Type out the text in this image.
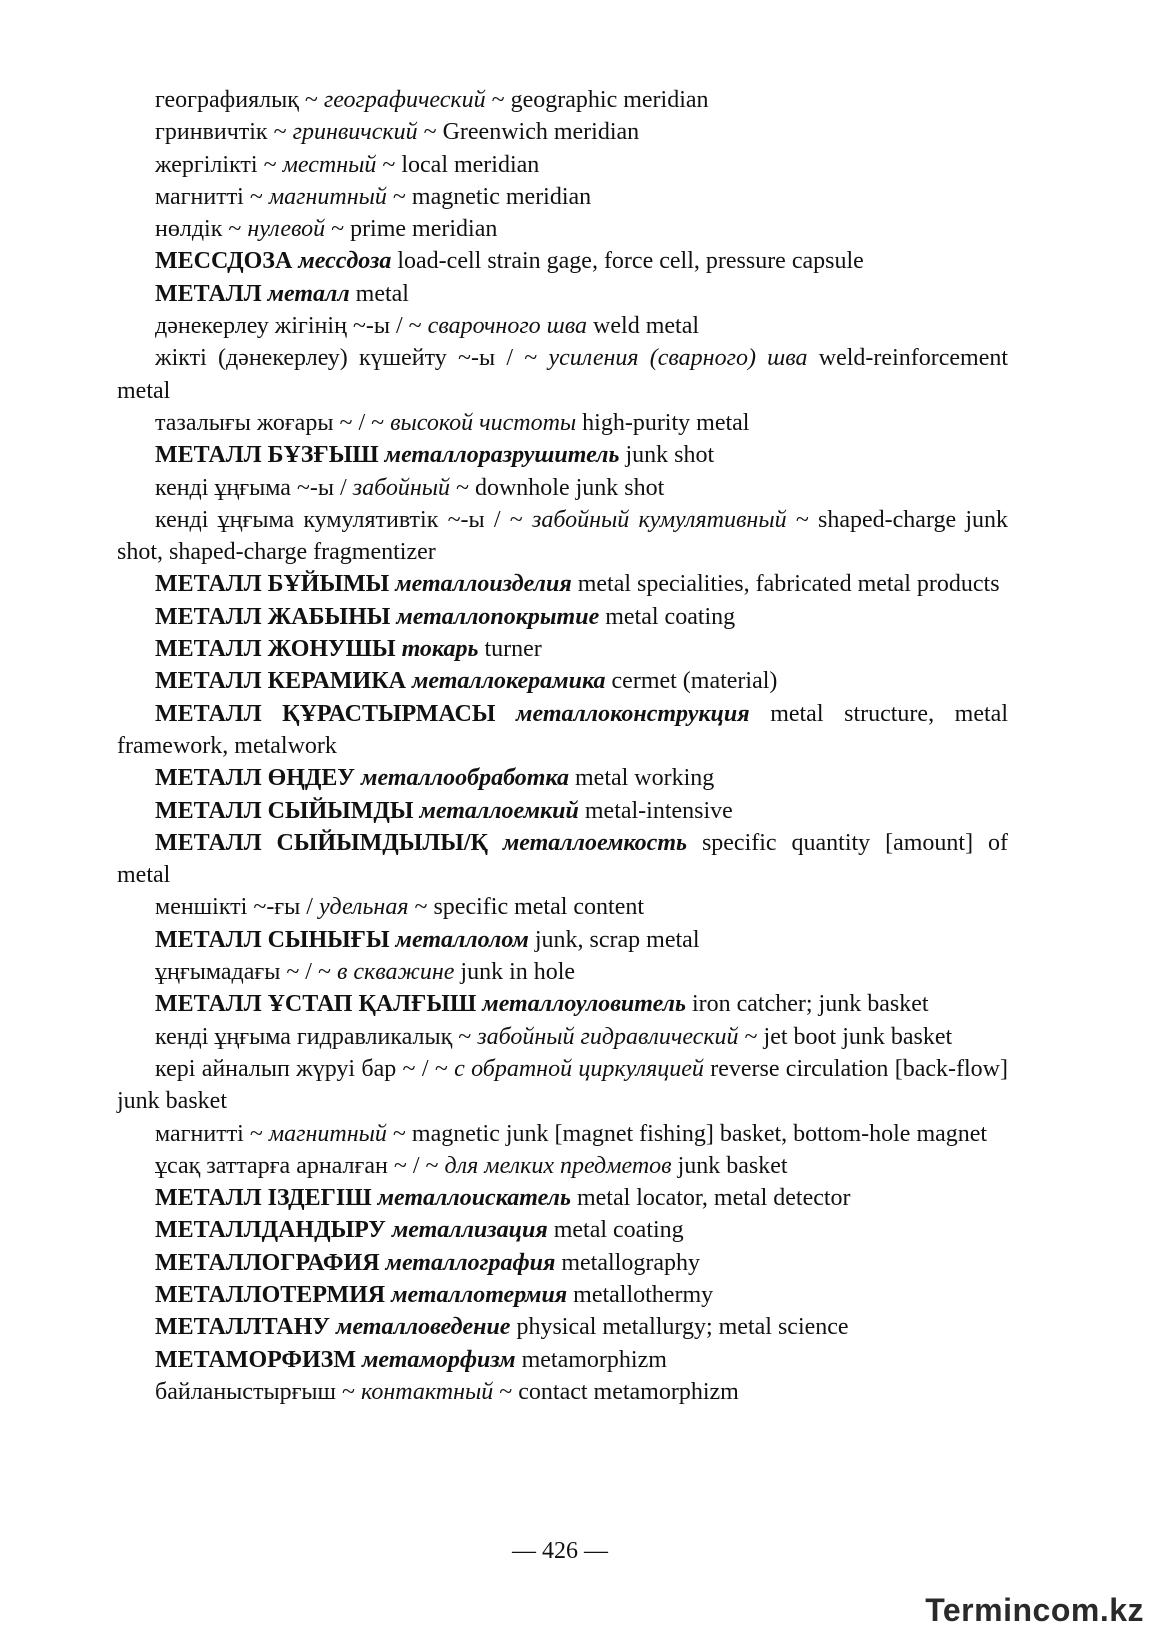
географиялық ~ географический ~ geographic meridian

гринвичтік ~ гринвичский ~ Greenwich meridian

жергілікті ~ местный ~ local meridian

магнитті ~ магнитный ~ magnetic meridian

нөлдік ~ нулевой ~ prime meridian

МЕССДОЗА мессдоза load-cell strain gage, force cell, pressure capsule

МЕТАЛЛ металл metal

дәнекерлеу жігінің ~-ы / ~ сварочного шва weld metal

жікті (дәнекерлеу) күшейту ~-ы / ~ усиления (сварного) шва weld-reinforcement metal

тазалығы жоғары ~ / ~ высокой чистоты high-purity metal

МЕТАЛЛ БҰЗҒЫШ металлоразрушитель junk shot

кенді ұңғыма ~-ы / забойный ~ downhole junk shot

кенді ұңғыма кумулятивтік ~-ы / ~ забойный кумулятивный ~ shaped-charge junk shot, shaped-charge fragmentizer

МЕТАЛЛ БҰЙЫМЫ металлоизделия metal specialities, fabricated metal products

МЕТАЛЛ ЖАБЫНЫ металлопокрытие metal coating

МЕТАЛЛ ЖОНУШЫ токарь turner

МЕТАЛЛ КЕРАМИКА металлокерамика cermet (material)

МЕТАЛЛ ҚҰРАСТЫРМАСЫ металлоконструкция metal structure, metal framework, metalwork

МЕТАЛЛ ӨҢДЕУ металлообработка metal working

МЕТАЛЛ СЫЙЫМДЫ металлоемкий metal-intensive

МЕТАЛЛ СЫЙЫМДЫЛЫ/Қ металлоемкость specific quantity [amount] of metal

меншікті ~-ғы / удельная ~ specific metal content

МЕТАЛЛ СЫНЫҒЫ металлолом junk, scrap metal

ұңғымадағы ~ / ~ в скважине junk in hole

МЕТАЛЛ ҰСТАП ҚАЛҒЫШ металлоуловитель iron catcher; junk basket

кенді ұңғыма гидравликалық ~ забойный гидравлический ~ jet boot junk basket

кері айналып жүруі бар ~ / ~ с обратной циркуляцией reverse circulation [back-flow] junk basket

магнитті ~ магнитный ~ magnetic junk [magnet fishing] basket, bottom-hole magnet

ұсақ заттарға арналған ~ / ~ для мелких предметов junk basket

МЕТАЛЛ ІЗДЕГІШ металлоискатель metal locator, metal detector

МЕТАЛЛДАНДЫРУ металлизация metal coating

МЕТАЛЛОГРАФИЯ металлография metallography

МЕТАЛЛОТЕРМИЯ металлотермия metallothermy

МЕТАЛЛТАНУ металловедение physical metallurgy; metal science

МЕТАМОРФИЗМ метаморфизм metamorphizm

байланыстырғыш ~ контактный ~ contact metamorphizm

— 426 —
Termincom.kz
